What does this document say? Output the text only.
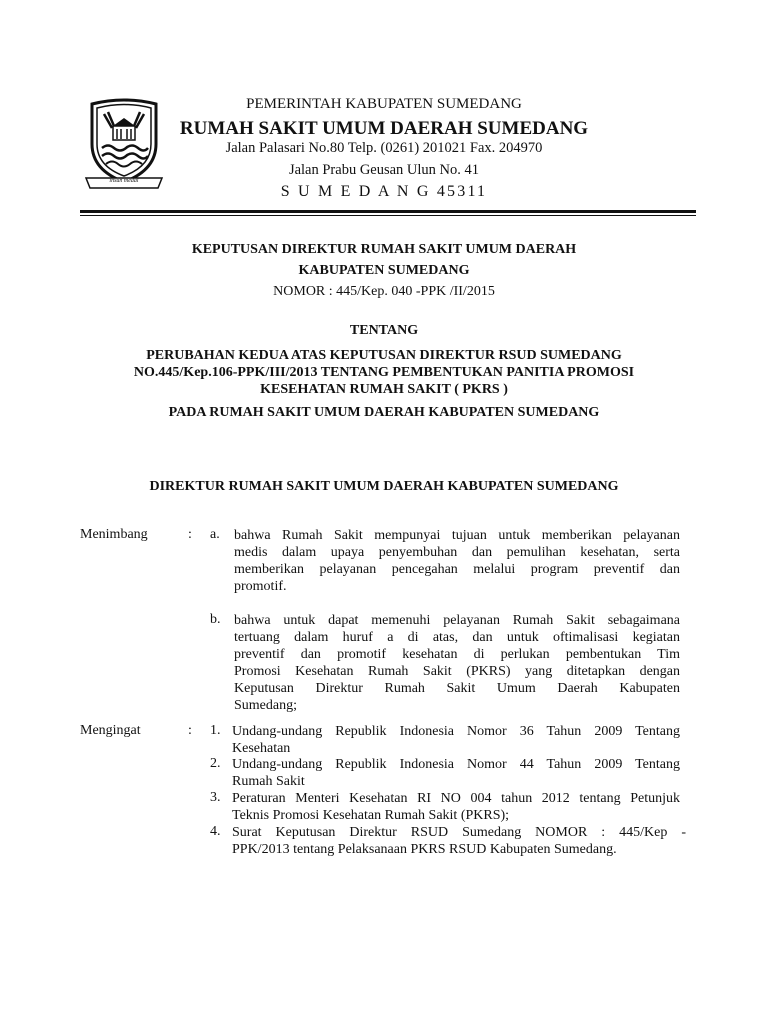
insun medal
PEMERINTAH KABUPATEN SUMEDANG
RUMAH SAKIT UMUM DAERAH SUMEDANG
Jalan Palasari No.80 Telp. (0261) 201021 Fax. 204970
Jalan Prabu Geusan Ulun No. 41
S U M E D A N G 45311
KEPUTUSAN DIREKTUR RUMAH SAKIT UMUM DAERAH
KABUPATEN SUMEDANG
NOMOR : 445/Kep. 040 -PPK /II/2015
TENTANG
PERUBAHAN KEDUA ATAS KEPUTUSAN DIREKTUR RSUD SUMEDANG
NO.445/Kep.106-PPK/III/2013 TENTANG PEMBENTUKAN PANITIA PROMOSI
KESEHATAN RUMAH SAKIT ( PKRS )
PADA RUMAH SAKIT UMUM DAERAH KABUPATEN SUMEDANG
DIREKTUR RUMAH SAKIT UMUM DAERAH KABUPATEN SUMEDANG
Menimbang	: a. bahwa Rumah Sakit mempunyai tujuan untuk memberikan pelayanan
medis dalam upaya penyembuhan dan pemulihan kesehatan, serta
memberikan pelayanan pencegahan melalui program preventif dan
promotif.
b. bahwa untuk dapat memenuhi pelayanan Rumah Sakit sebagaimana
tertuang dalam huruf a di atas, dan untuk oftimalisasi kegiatan
preventif dan promotif kesehatan di perlukan pembentukan Tim
Promosi Kesehatan Rumah Sakit (PKRS) yang ditetapkan dengan
Keputusan Direktur Rumah Sakit Umum Daerah Kabupaten
Sumedang;
Mengingat	: 1. Undang-undang Republik Indonesia Nomor 36 Tahun 2009 Tentang
Kesehatan
2. Undang-undang Republik Indonesia Nomor 44 Tahun 2009 Tentang
Rumah Sakit
3. Peraturan Menteri Kesehatan RI NO 004 tahun 2012 tentang Petunjuk
Teknis Promosi Kesehatan Rumah Sakit (PKRS);
4. Surat Keputusan Direktur RSUD Sumedang NOMOR : 445/Kep -
PPK/2013 tentang Pelaksanaan PKRS RSUD Kabupaten Sumedang.
